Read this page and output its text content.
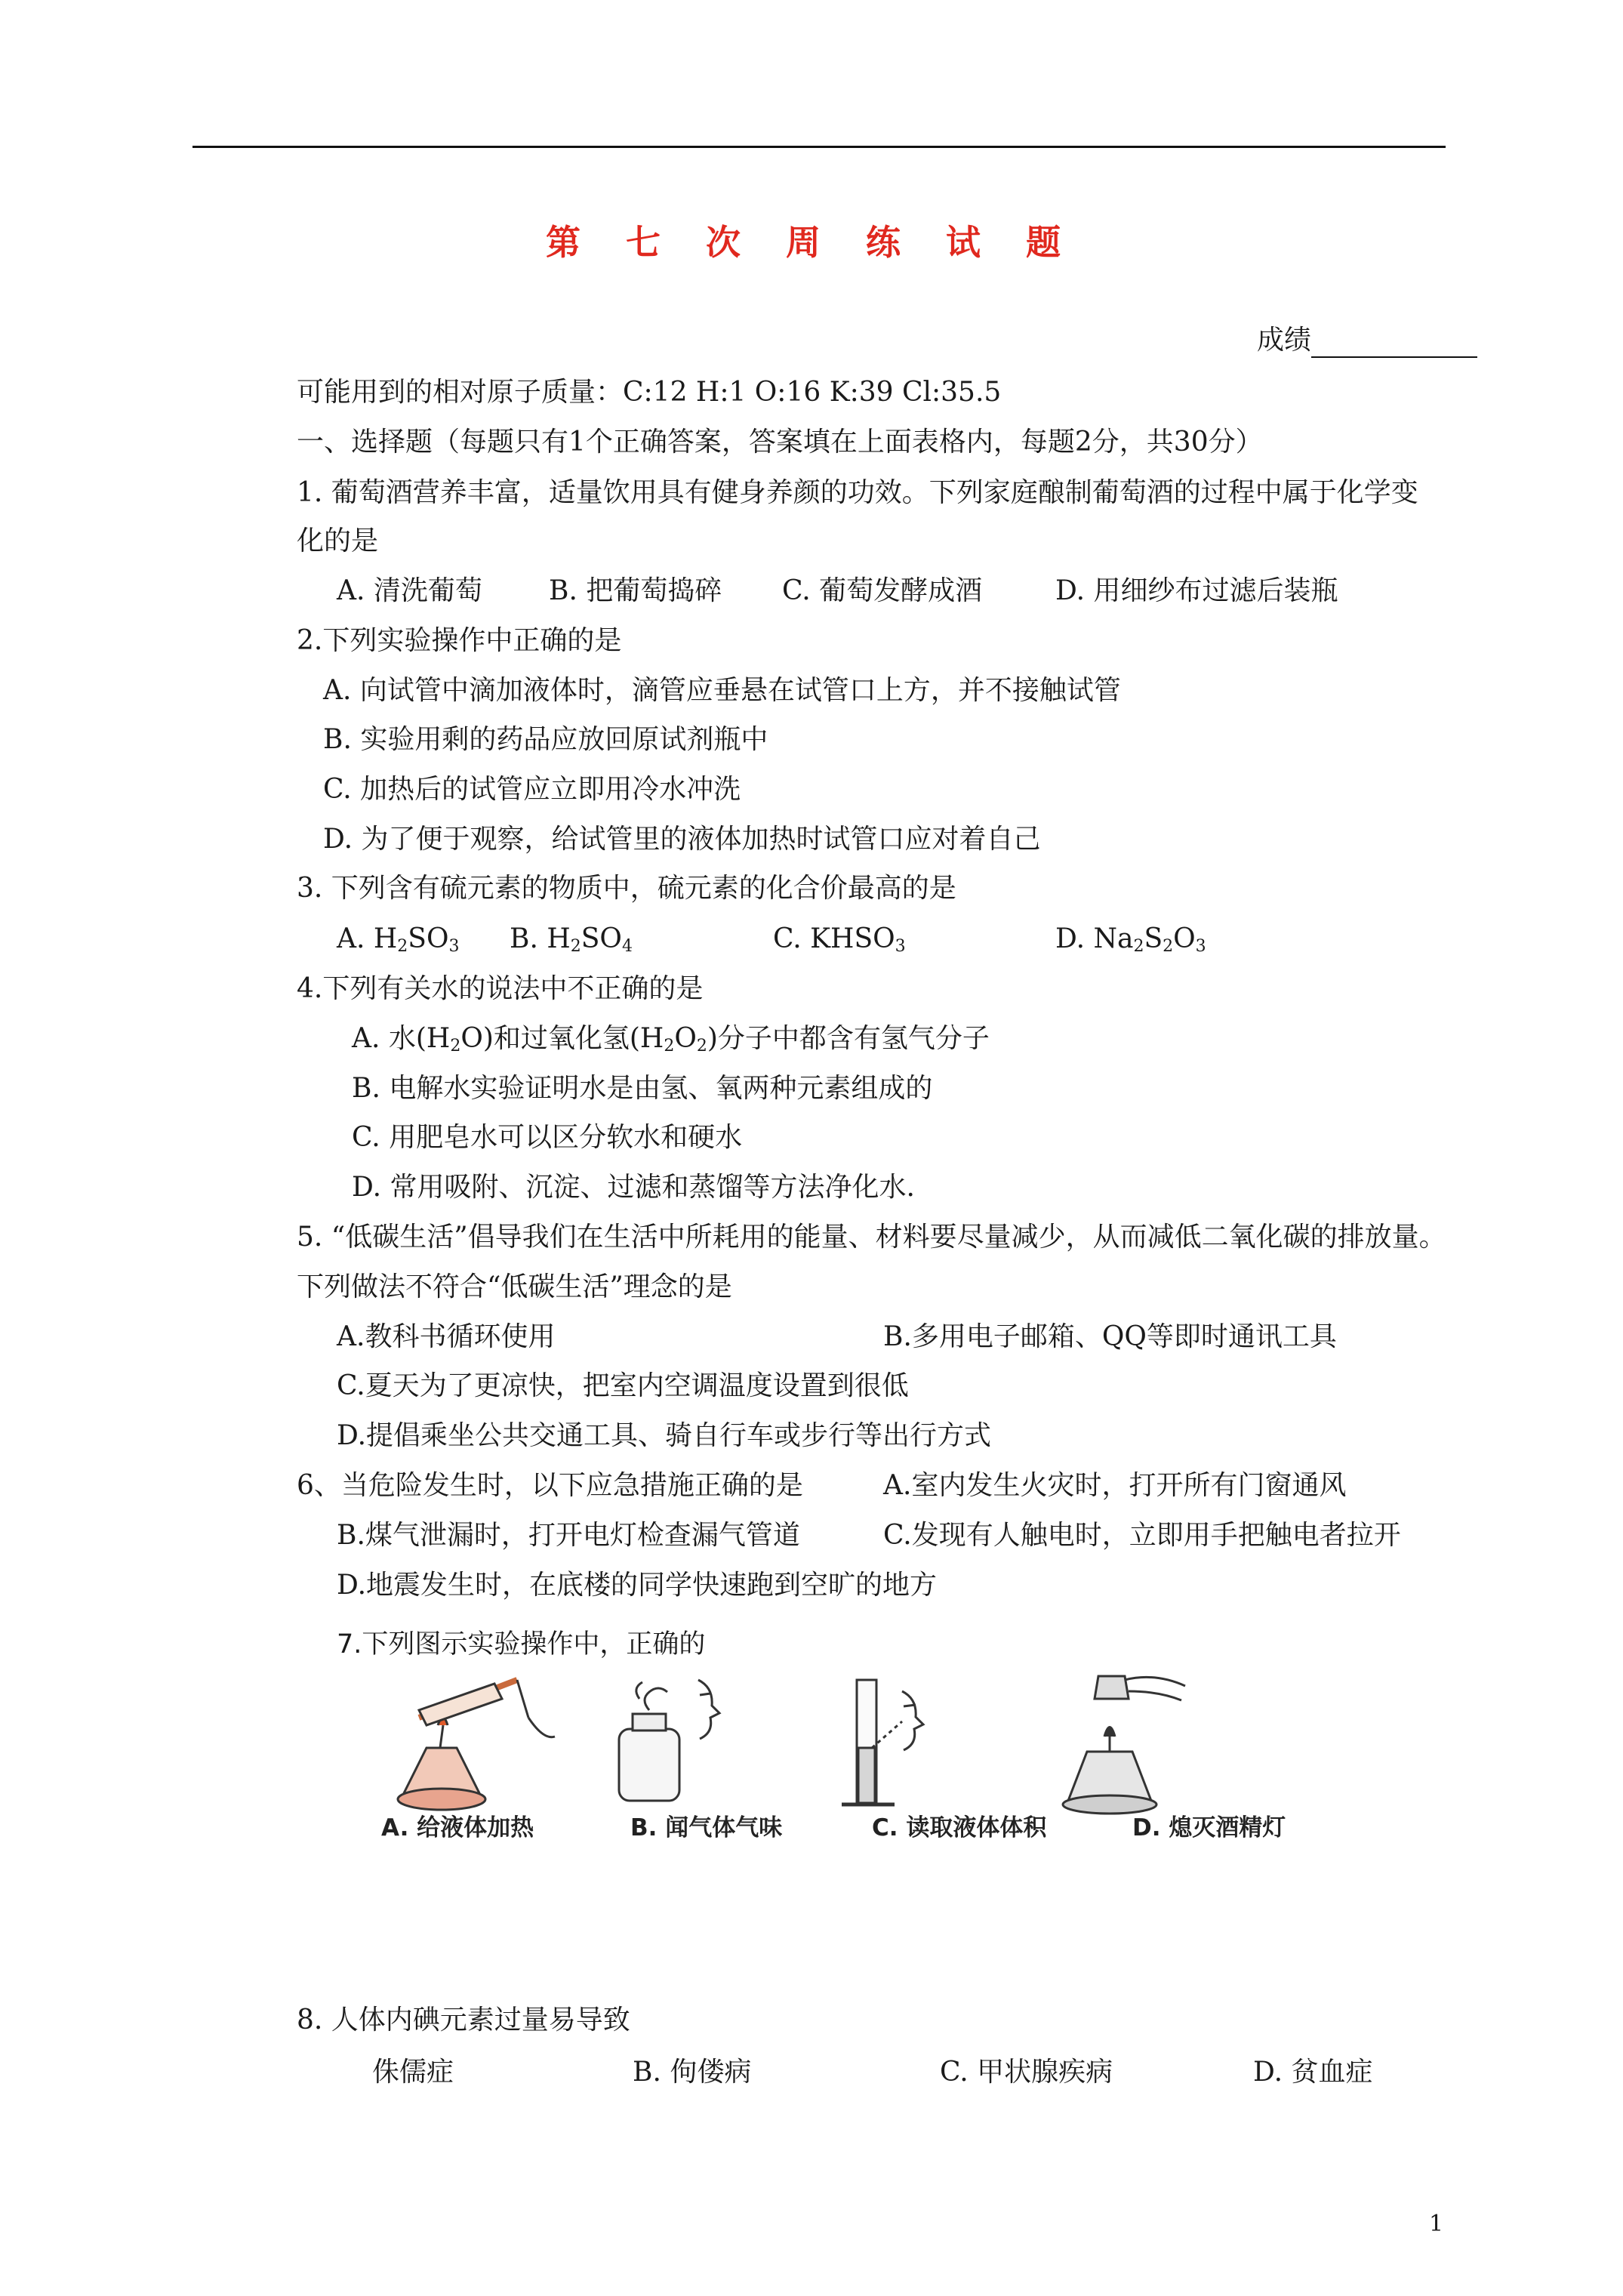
第 七 次 周 练 试 题
成绩
可能用到的相对原子质量：C:12 H:1 O:16 K:39 Cl:35.5
一、选择题（每题只有1个正确答案，答案填在上面表格内，每题2分，共30分）
1. 葡萄酒营养丰富，适量饮用具有健身养颜的功效。下列家庭酿制葡萄酒的过程中属于化学变
化的是
A. 清洗葡萄 B. 把葡萄捣碎 C. 葡萄发酵成酒	D. 用细纱布过滤后装瓶
2.下列实验操作中正确的是
A. 向试管中滴加液体时，滴管应垂悬在试管口上方，并不接触试管
B. 实验用剩的药品应放回原试剂瓶中
C. 加热后的试管应立即用冷水冲洗
D. 为了便于观察，给试管里的液体加热时试管口应对着自己
3. 下列含有硫元素的物质中，硫元素的化合价最高的是
A. $H_2SO_3$ B. $H_2SO_4$	C. $KHSO_3$	D. $Na_2S_2O_3$
4.下列有关水的说法中不正确的是
A. 水$(H_2O)$和过氧化氢$(H_2O_2)$分子中都含有氢气分子
B. 电解水实验证明水是由氢、氧两种元素组成的
C. 用肥皂水可以区分软水和硬水
D. 常用吸附、沉淀、过滤和蒸馏等方法净化水.
5. “低碳生活”倡导我们在生活中所耗用的能量、材料要尽量减少，从而减低二氧化碳的排放量。
下列做法不符合“低碳生活”理念的是
A.教科书循环使用	B.多用电子邮箱、QQ等即时通讯工具
C.夏天为了更凉快，把室内空调温度设置到很低
D.提倡乘坐公共交通工具、骑自行车或步行等出行方式
6、当危险发生时，以下应急措施正确的是	A.室内发生火灾时，打开所有门窗通风
B.煤气泄漏时，打开电灯检查漏气管道	C.发现有人触电时，立即用手把触电者拉开
D.地震发生时，在底楼的同学快速跑到空旷的地方
7.下列图示实验操作中，正确的
A. 给液体加热	B. 闻气体气味	C. 读取液体体积	D. 熄灭酒精灯
8. 人体内碘元素过量易导致
侏儒症	B. 佝偻病	C. 甲状腺疾病	D. 贫血症
1
